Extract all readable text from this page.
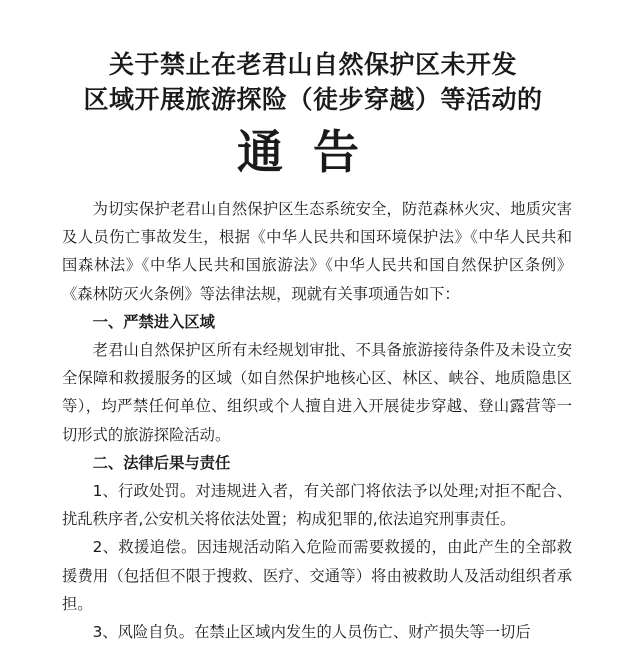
关于禁止在老君山自然保护区未开发
区域开展旅游探险（徒步穿越）等活动的
通告

为切实保护老君山自然保护区生态系统安全，防范森林火灾、地质灾害及人员伤亡事故发生，根据《中华人民共和国环境保护法》《中华人民共和国森林法》《中华人民共和国旅游法》《中华人民共和国自然保护区条例》《森林防灭火条例》等法律法规，现就有关事项通告如下：

一、严禁进入区域

老君山自然保护区所有未经规划审批、不具备旅游接待条件及未设立安全保障和救援服务的区域（如自然保护地核心区、林区、峡谷、地质隐患区等），均严禁任何单位、组织或个人擅自进入开展徒步穿越、登山露营等一切形式的旅游探险活动。

二、法律后果与责任

1、行政处罚。对违规进入者，有关部门将依法予以处理;对拒不配合、扰乱秩序者,公安机关将依法处置；构成犯罪的,依法追究刑事责任。

2、救援追偿。因违规活动陷入危险而需要救援的，由此产生的全部救援费用（包括但不限于搜救、医疗、交通等）将由被救助人及活动组织者承担。

3、风险自负。在禁止区域内发生的人员伤亡、财产损失等一切后
